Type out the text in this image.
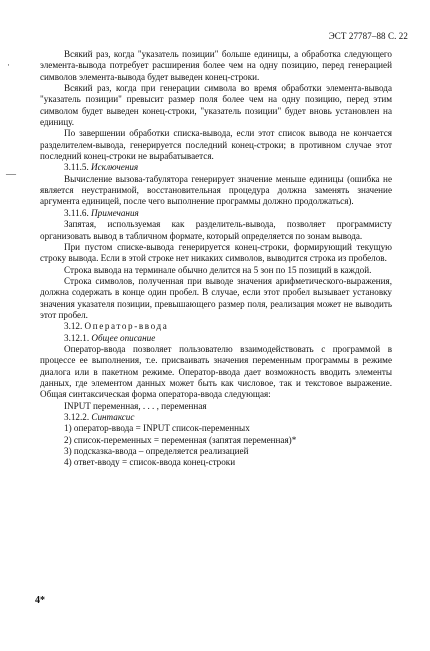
ЭСТ 27787–88 С. 22
·
—

Всякий раз, когда "указатель позиции" больше единицы, а обработка следующего элемента-вывода потребует расширения более чем на одну позицию, перед генерацией символов элемента-вывода будет выведен конец-строки.

Всякий раз, когда при генерации символа во время обработки элемента-вывода "указатель позиции" превысит размер поля более чем на одну позицию, перед этим символом будет выведен конец-строки, "указатель позиции" будет вновь установлен на единицу.

По завершении обработки списка-вывода, если этот список вывода не кончается разделителем-вывода, генерируется последний конец-строки; в противном случае этот последний конец-строки не вырабатывается.

3.11.5. Исключения

Вычисление вызова-табулятора генерирует значение меньше единицы (ошибка не является неустранимой, восстановительная процедура должна заменять значение аргумента единицей, после чего выполнение программы должно продолжаться).

3.11.6. Примечания

Запятая, используемая как разделитель-вывода, позволяет программисту организовать вывод в табличном формате, который определяется по зонам вывода.

При пустом списке-вывода генерируется конец-строки, формирующий текущую строку вывода. Если в этой строке нет никаких символов, выводится строка из пробелов.

Строка вывода на терминале обычно делится на 5 зон по 15 позиций в каждой.

Строка символов, полученная при выводе значения арифметического-выражения, должна содержать в конце один пробел. В случае, если этот пробел вызывает установку значения указателя позиции, превышающего размер поля, реализация может не выводить этот пробел.

3.12. Оператор-ввода

3.12.1. Общее описание

Оператор-ввода позволяет пользователю взаимодействовать с программой в процессе ее выполнения, т.е. присваивать значения переменным программы в режиме диалога или в пакетном режиме. Оператор-ввода дает возможность вводить элементы данных, где элементом данных может быть как числовое, так и текстовое выражение. Общая синтаксическая форма оператора-ввода следующая:

INPUT переменная, . . . , переменная

3.12.2. Синтаксис

1) оператор-ввода = INPUT список-переменных

2) список-переменных = переменная (запятая переменная)*

3) подсказка-ввода – определяется реализацией

4) ответ-вводу = список-ввода конец-строки

4*
